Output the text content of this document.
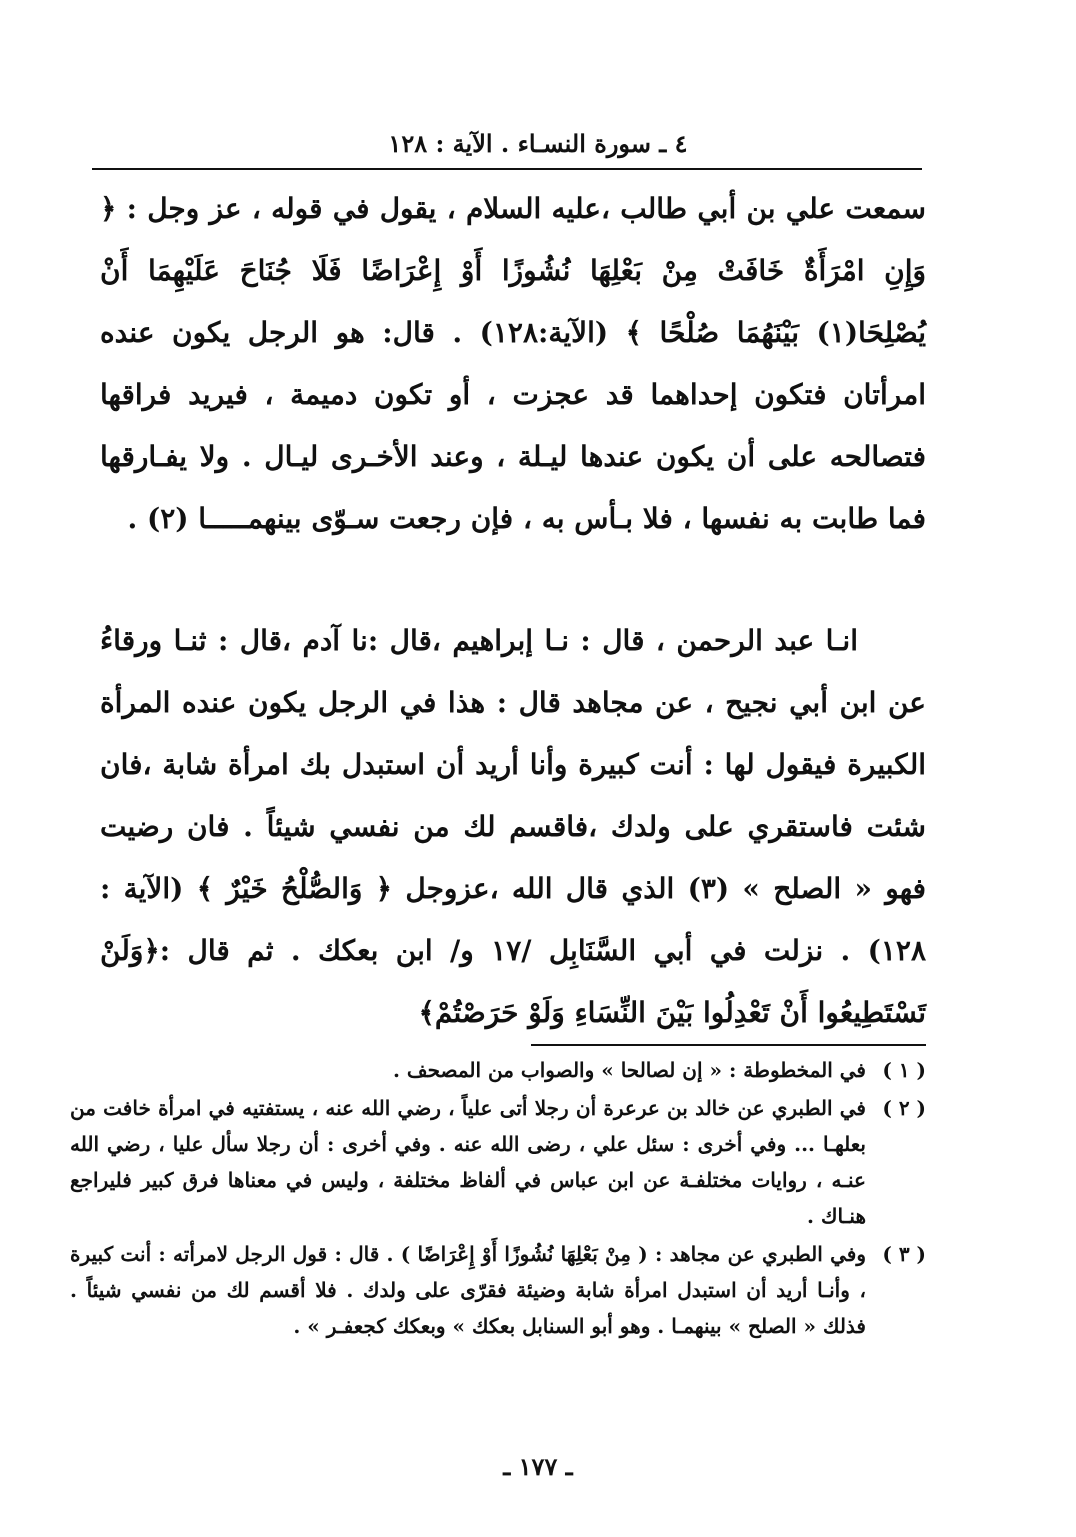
٤ ـ سورة النسـاء . الآية : ١٢٨

سمعت علي بن أبي طالب ،عليه السلام ، يقول في قوله ، عز وجل : ﴿ وَإِنِ امْرَأَةٌ خَافَتْ مِنْ بَعْلِهَا نُشُوزًا أَوْ إِعْرَاضًا فَلَا جُنَاحَ عَلَيْهِمَا أَنْ يُصْلِحَا(١) بَيْنَهُمَا صُلْحًا ﴾ (الآية:١٢٨) . قال: هو الرجل يكون عنده امرأتان فتكون إحداهما قد عجزت ، أو تكون دميمة ، فيريد فراقها فتصالحه على أن يكون عندها ليـلة ، وعند الأخـرى ليـال . ولا يفـارقها فما طابت به نفسها ، فلا بـأس به ، فإن رجعت سـوّى بينهمـــــا (٢) .

انـا عبد الرحمن ، قال : نـا إبراهيم ،قال :نا آدم ،قال : ثنـا ورقاءُ عن ابن أبي نجيح ، عن مجاهد قال : هذا في الرجل يكون عنده المرأة الكبيرة فيقول لها : أنت كبيرة وأنا أريد أن استبدل بك امرأة شابة ،فان شئت فاستقري على ولدك ،فاقسم لك من نفسي شيئاً . فان رضيت فهو « الصلح » (٣) الذي قال الله ،عزوجل ﴿ وَالصُّلْحُ خَيْرٌ ﴾ (الآية : ١٢٨) . نزلت في أبي السَّنَابِل /١٧ و/ ابن بعكك . ثم قال :﴿وَلَنْ تَسْتَطِيعُوا أَنْ تَعْدِلُوا بَيْنَ النِّسَاءِ وَلَوْ حَرَصْتُمْ﴾

( ١ )
في المخطوطة : « إن لصالحا » والصواب من المصحف .
( ٢ )
في الطبري عن خالد بن عرعرة أن رجلا أتى علياً ، رضي الله عنه ، يستفتيه في امرأة خافت من بعلهـا ... وفي أخرى : سئل علي ، رضى الله عنه . وفي أخرى : أن رجلا سأل عليا ، رضي الله عنـه ، روايات مختلفـة عن ابن عباس في ألفاظ مختلفة ، وليس في معناها فرق كبير فليراجع هنـاك .
( ٣ )
وفي الطبري عن مجاهد : ( مِنْ بَعْلِهَا نُشُوزًا أَوْ إِعْرَاضًا ) . قال : قول الرجل لامرأته : أنت كبيرة ، وأنـا أريد أن استبدل امرأة شابة وضيئة فقرّى على ولدك . فلا أقسم لك من نفسي شيئاً . فذلك « الصلح » بينهمـا . وهو أبو السنابل بعكك » وبعكك كجعفـر » .
ـ ١٧٧ ـ
